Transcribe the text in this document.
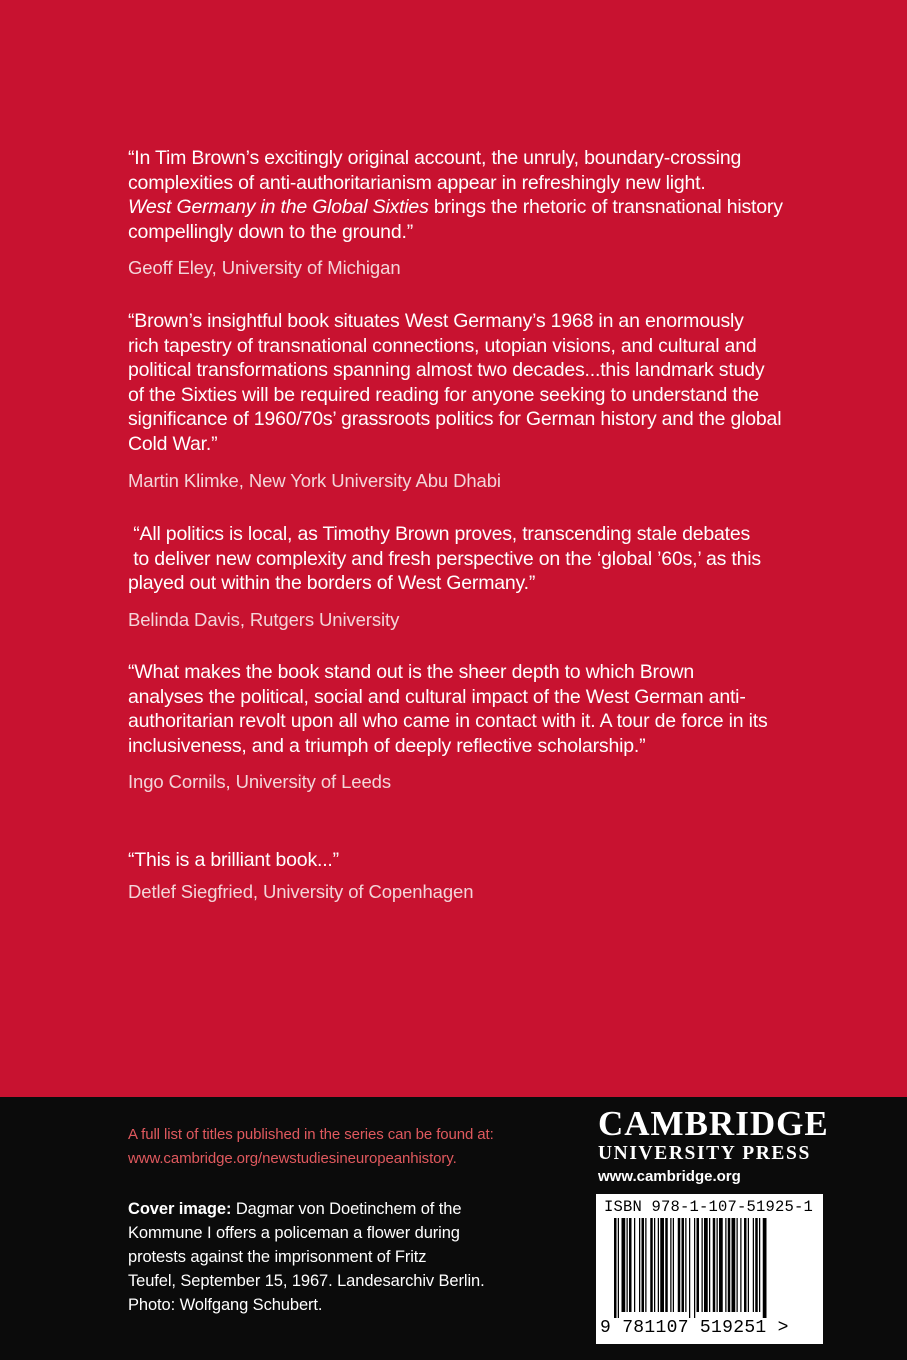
“In Tim Brown’s excitingly original account, the unruly, boundary-crossing
complexities of anti-authoritarianism appear in refreshingly new light.
West Germany in the Global Sixties brings the rhetoric of transnational history
compellingly down to the ground.”

Geoff Eley, University of Michigan

“Brown’s insightful book situates West Germany’s 1968 in an enormously
rich tapestry of transnational connections, utopian visions, and cultural and
political transformations spanning almost two decades...this landmark study
of the Sixties will be required reading for anyone seeking to understand the
significance of 1960/70s’ grassroots politics for German history and the global
Cold War.”

Martin Klimke, New York University Abu Dhabi

“All politics is local, as Timothy Brown proves, transcending stale debates
to deliver new complexity and fresh perspective on the ‘global ’60s,’ as this
played out within the borders of West Germany.”

Belinda Davis, Rutgers University

“What makes the book stand out is the sheer depth to which Brown
analyses the political, social and cultural impact of the West German anti-
authoritarian revolt upon all who came in contact with it. A tour de force in its
inclusiveness, and a triumph of deeply reflective scholarship.”

Ingo Cornils, University of Leeds

“This is a brilliant book...”

Detlef Siegfried, University of Copenhagen
A full list of titles published in the series can be found at:
www.cambridge.org/newstudiesineuropeanhistory.
Cover image: Dagmar von Doetinchem of the
Kommune I offers a policeman a flower during
protests against the imprisonment of Fritz
Teufel, September 15, 1967. Landesarchiv Berlin.
Photo: Wolfgang Schubert.
CAMBRIDGE
UNIVERSITY PRESS
www.cambridge.org
ISBN 978-1-107-51925-1
9 781107 519251 >
